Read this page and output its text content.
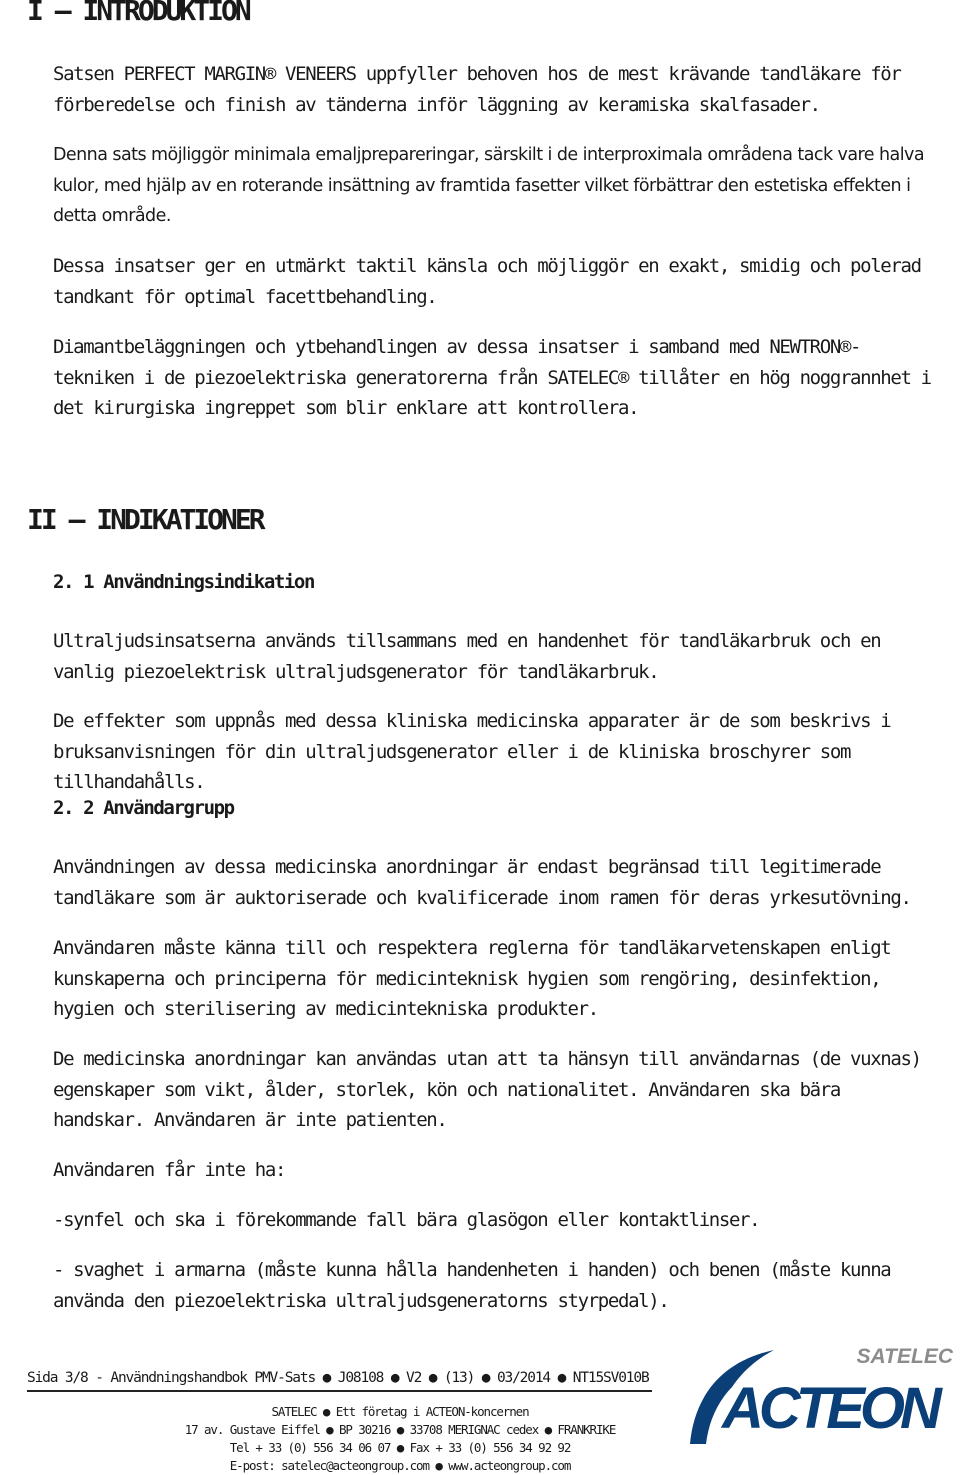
I – INTRODUKTION

Satsen PERFECT MARGIN® VENEERS uppfyller behoven hos de mest krävande tandläkare för förberedelse och finish av tänderna inför läggning av keramiska skalfasader.

Denna sats möjliggör minimala emaljprepareringar, särskilt i de interproximala områdena tack vare halva kulor, med hjälp av en roterande insättning av framtida fasetter vilket förbättrar den estetiska effekten i detta område.

Dessa insatser ger en utmärkt taktil känsla och möjliggör en exakt, smidig och polerad tandkant för optimal facettbehandling.

Diamantbeläggningen och ytbehandlingen av dessa insatser i samband med NEWTRON®-tekniken i de piezoelektriska generatorerna från SATELEC® tillåter en hög noggrannhet i det kirurgiska ingreppet som blir enklare att kontrollera.

II – INDIKATIONER
2. 1 Användningsindikation

Ultraljudsinsatserna används tillsammans med en handenhet för tandläkarbruk och en vanlig piezoelektrisk ultraljudsgenerator för tandläkarbruk.

De effekter som uppnås med dessa kliniska medicinska apparater är de som beskrivs i bruksanvisningen för din ultraljudsgenerator eller i de kliniska broschyrer som tillhandahålls.

2. 2 Användargrupp

Användningen av dessa medicinska anordningar är endast begränsad till legitimerade tandläkare som är auktoriserade och kvalificerade inom ramen för deras yrkesutövning.

Användaren måste känna till och respektera reglerna för tandläkarvetenskapen enligt kunskaperna och principerna för medicinteknisk hygien som rengöring, desinfektion, hygien och sterilisering av medicintekniska produkter.

De medicinska anordningar kan användas utan att ta hänsyn till användarnas (de vuxnas) egenskaper som vikt, ålder, storlek, kön och nationalitet. Användaren ska bära handskar. Användaren är inte patienten.

Användaren får inte ha:

-synfel och ska i förekommande fall bära glasögon eller kontaktlinser.

- svaghet i armarna (måste kunna hålla handenheten i handen) och benen (måste kunna använda den piezoelektriska ultraljudsgeneratorns styrpedal).

Sida 3/8 - Användningshandbok PMV-Sats ● J08108 ● V2 ● (13) ● 03/2014 ● NT15SV010B
SATELEC ● Ett företag i ACTEON-koncernen
17 av. Gustave Eiffel ● BP 30216 ● 33708 MERIGNAC cedex ● FRANKRIKE
Tel + 33 (0) 556 34 06 07 ● Fax + 33 (0) 556 34 92 92
E-post: satelec@acteongroup.com ● www.acteongroup.com
SATELEC
ACTEON
